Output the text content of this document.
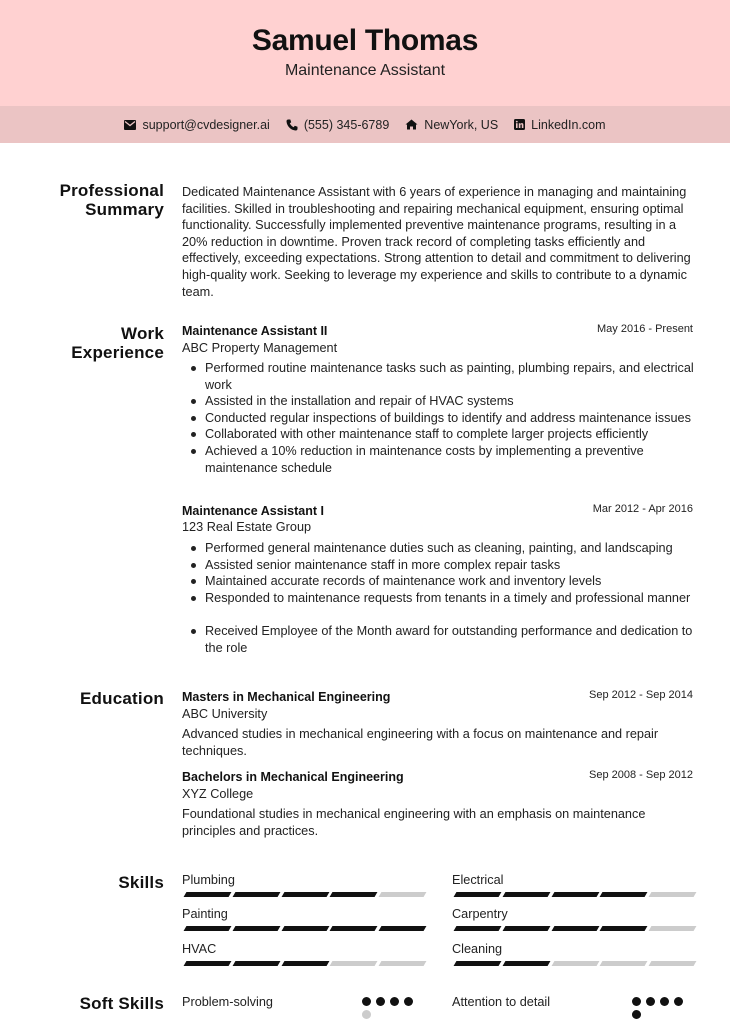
Samuel Thomas
Maintenance Assistant
support@cvdesigner.ai	(555) 345-6789	NewYork, US	LinkedIn.com
Professional
Summary
Dedicated Maintenance Assistant with 6 years of experience in managing and maintaining facilities. Skilled in troubleshooting and repairing mechanical equipment, ensuring optimal functionality. Successfully implemented preventive maintenance programs, resulting in a 20% reduction in downtime. Proven track record of completing tasks efficiently and effectively, exceeding expectations. Strong attention to detail and commitment to delivering high-quality work. Seeking to leverage my experience and skills to contribute to a dynamic team.
Work
Experience
Maintenance Assistant II	May 2016 - Present
ABC Property Management
Performed routine maintenance tasks such as painting, plumbing repairs, and electrical work
Assisted in the installation and repair of HVAC systems
Conducted regular inspections of buildings to identify and address maintenance issues
Collaborated with other maintenance staff to complete larger projects efficiently
Achieved a 10% reduction in maintenance costs by implementing a preventive maintenance schedule
Maintenance Assistant I	Mar 2012 - Apr 2016
123 Real Estate Group
Performed general maintenance duties such as cleaning, painting, and landscaping
Assisted senior maintenance staff in more complex repair tasks
Maintained accurate records of maintenance work and inventory levels
Responded to maintenance requests from tenants in a timely and professional manner
Received Employee of the Month award for outstanding performance and dedication to the role
Education Masters in Mechanical Engineering	Sep 2012 - Sep 2014
ABC University
Advanced studies in mechanical engineering with a focus on maintenance and repair techniques.
Bachelors in Mechanical Engineering	Sep 2008 - Sep 2012
XYZ College
Foundational studies in mechanical engineering with an emphasis on maintenance principles and practices.
Skills Plumbing	Electrical
Painting	Carpentry
HVAC	Cleaning
Soft Skills Problem-solving	Attention to detail
